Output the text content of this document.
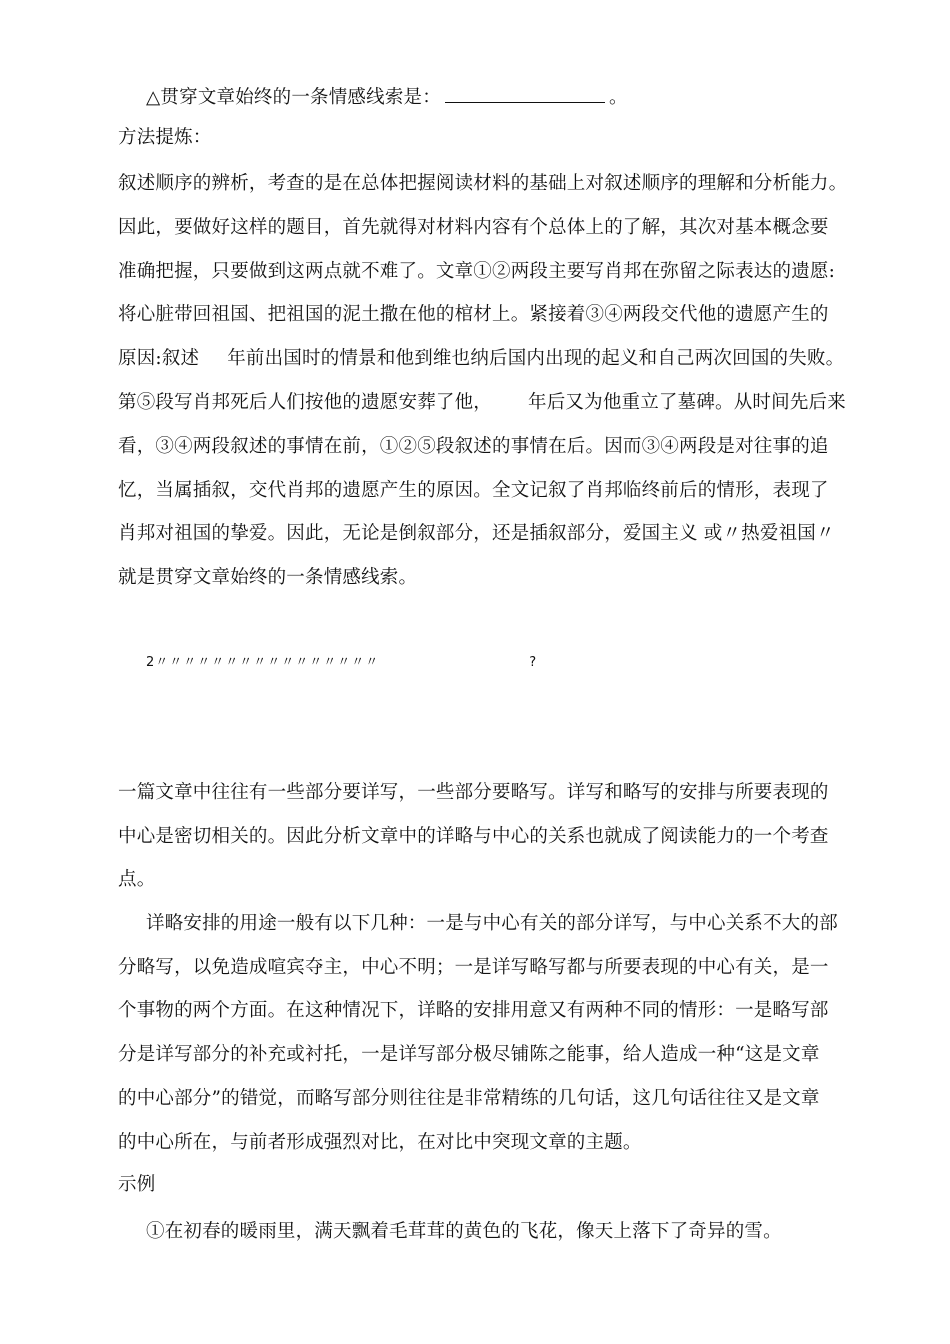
△贯穿文章始终的一条情感线索是：	。
方法提炼：
叙述顺序的辨析，考查的是在总体把握阅读材料的基础上对叙述顺序的理解和分析能力。
因此，要做好这样的题目，首先就得对材料内容有个总体上的了解，其次对基本概念要
准确把握，只要做到这两点就不难了。文章①②两段主要写肖邦在弥留之际表达的遗愿:
将心脏带回祖国、把祖国的泥土撒在他的棺材上。紧接着③④两段交代他的遗愿产生的
原因:叙述 年前出国时的情景和他到维也纳后国内出现的起义和自己两次回国的失败。
第⑤段写肖邦死后人们按他的遗愿安葬了他， 年后又为他重立了墓碑。从时间先后来
看，③④两段叙述的事情在前，①②⑤段叙述的事情在后。因而③④两段是对往事的追
忆，当属插叙，交代肖邦的遗愿产生的原因。全文记叙了肖邦临终前后的情形，表现了
肖邦对祖国的挚爱。因此，无论是倒叙部分，还是插叙部分，爱国主义 或〃热爱祖国〃
就是贯穿文章始终的一条情感线索。
2〃〃〃〃〃〃〃〃〃〃〃〃〃〃〃〃	?
一篇文章中往往有一些部分要详写，一些部分要略写。详写和略写的安排与所要表现的
中心是密切相关的。因此分析文章中的详略与中心的关系也就成了阅读能力的一个考查
点。
详略安排的用途一般有以下几种：一是与中心有关的部分详写，与中心关系不大的部
分略写，以免造成喧宾夺主，中心不明；一是详写略写都与所要表现的中心有关，是一
个事物的两个方面。在这种情况下，详略的安排用意又有两种不同的情形：一是略写部
分是详写部分的补充或衬托，一是详写部分极尽铺陈之能事，给人造成一种“这是文章
的中心部分”的错觉，而略写部分则往往是非常精练的几句话，这几句话往往又是文章
的中心所在，与前者形成强烈对比，在对比中突现文章的主题。
示例
①在初春的暖雨里，满天飘着毛茸茸的黄色的飞花，像天上落下了奇异的雪。
